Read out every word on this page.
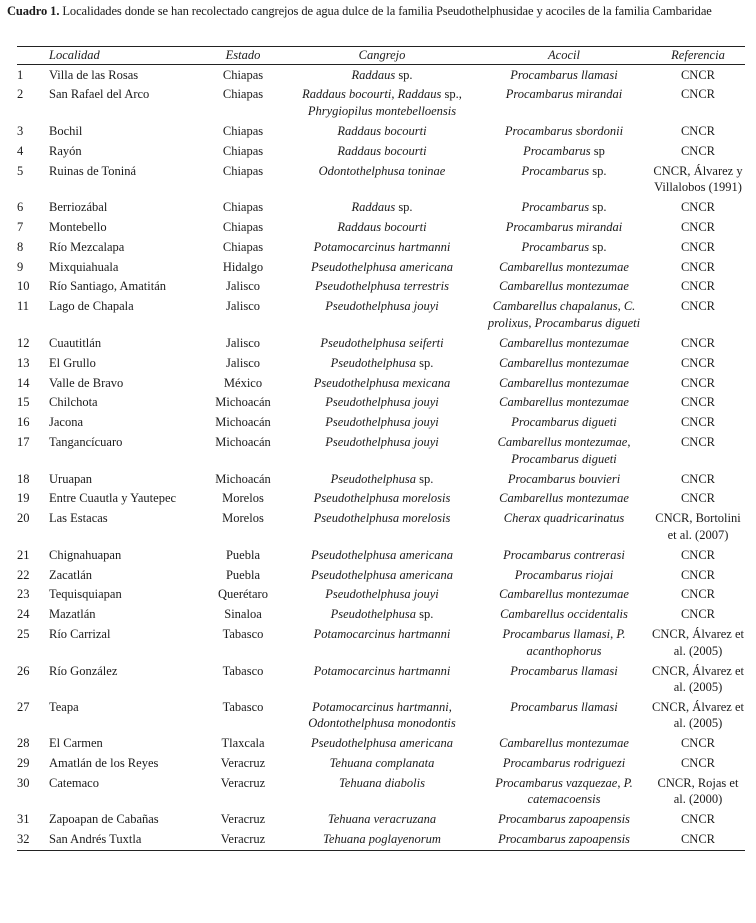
Cuadro 1. Localidades donde se han recolectado cangrejos de agua dulce de la familia Pseudothelphusidae y acociles de la familia Cambaridae
	Localidad	Estado	Cangrejo	Acocil	Referencia
1	Villa de las Rosas	Chiapas	Raddaus sp.	Procambarus llamasi	CNCR
2	San Rafael del Arco	Chiapas	Raddaus bocourti, Raddaus sp., Phrygiopilus montebelloensis	Procambarus mirandai	CNCR
3	Bochil	Chiapas	Raddaus bocourti	Procambarus sbordonii	CNCR
4	Rayón	Chiapas	Raddaus bocourti	Procambarus sp	CNCR
5	Ruinas de Toniná	Chiapas	Odontothelphusa toninae	Procambarus sp.	CNCR, Álvarez y Villalobos (1991)
6	Berriozábal	Chiapas	Raddaus sp.	Procambarus sp.	CNCR
7	Montebello	Chiapas	Raddaus bocourti	Procambarus mirandai	CNCR
8	Río Mezcalapa	Chiapas	Potamocarcinus hartmanni	Procambarus sp.	CNCR
9	Mixquiahuala	Hidalgo	Pseudothelphusa americana	Cambarellus montezumae	CNCR
10	Río Santiago, Amatitán	Jalisco	Pseudothelphusa terrestris	Cambarellus montezumae	CNCR
11	Lago de Chapala	Jalisco	Pseudothelphusa jouyi	Cambarellus chapalanus, C. prolixus, Procambarus digueti	CNCR
12	Cuautitlán	Jalisco	Pseudothelphusa seiferti	Cambarellus montezumae	CNCR
13	El Grullo	Jalisco	Pseudothelphusa sp.	Cambarellus montezumae	CNCR
14	Valle de Bravo	México	Pseudothelphusa mexicana	Cambarellus montezumae	CNCR
15	Chilchota	Michoacán	Pseudothelphusa jouyi	Cambarellus montezumae	CNCR
16	Jacona	Michoacán	Pseudothelphusa jouyi	Procambarus digueti	CNCR
17	Tangancícuaro	Michoacán	Pseudothelphusa jouyi	Cambarellus montezumae, Procambarus digueti	CNCR
18	Uruapan	Michoacán	Pseudothelphusa sp.	Procambarus bouvieri	CNCR
19	Entre Cuautla y Yautepec	Morelos	Pseudothelphusa morelosis	Cambarellus montezumae	CNCR
20	Las Estacas	Morelos	Pseudothelphusa morelosis	Cherax quadricarinatus	CNCR, Bortolini et al. (2007)
21	Chignahuapan	Puebla	Pseudothelphusa americana	Procambarus contrerasi	CNCR
22	Zacatlán	Puebla	Pseudothelphusa americana	Procambarus riojai	CNCR
23	Tequisquiapan	Querétaro	Pseudothelphusa jouyi	Cambarellus montezumae	CNCR
24	Mazatlán	Sinaloa	Pseudothelphusa sp.	Cambarellus occidentalis	CNCR
25	Río Carrizal	Tabasco	Potamocarcinus hartmanni	Procambarus llamasi, P. acanthophorus	CNCR, Álvarez et al. (2005)
26	Río González	Tabasco	Potamocarcinus hartmanni	Procambarus llamasi	CNCR, Álvarez et al. (2005)
27	Teapa	Tabasco	Potamocarcinus hartmanni, Odontothelphusa monodontis	Procambarus llamasi	CNCR, Álvarez et al. (2005)
28	El Carmen	Tlaxcala	Pseudothelphusa americana	Cambarellus montezumae	CNCR
29	Amatlán de los Reyes	Veracruz	Tehuana complanata	Procambarus rodriguezi	CNCR
30	Catemaco	Veracruz	Tehuana diabolis	Procambarus vazquezae, P. catemacoensis	CNCR, Rojas et al. (2000)
31	Zapoapan de Cabañas	Veracruz	Tehuana veracruzana	Procambarus zapoapensis	CNCR
32	San Andrés Tuxtla	Veracruz	Tehuana poglayenorum	Procambarus zapoapensis	CNCR
